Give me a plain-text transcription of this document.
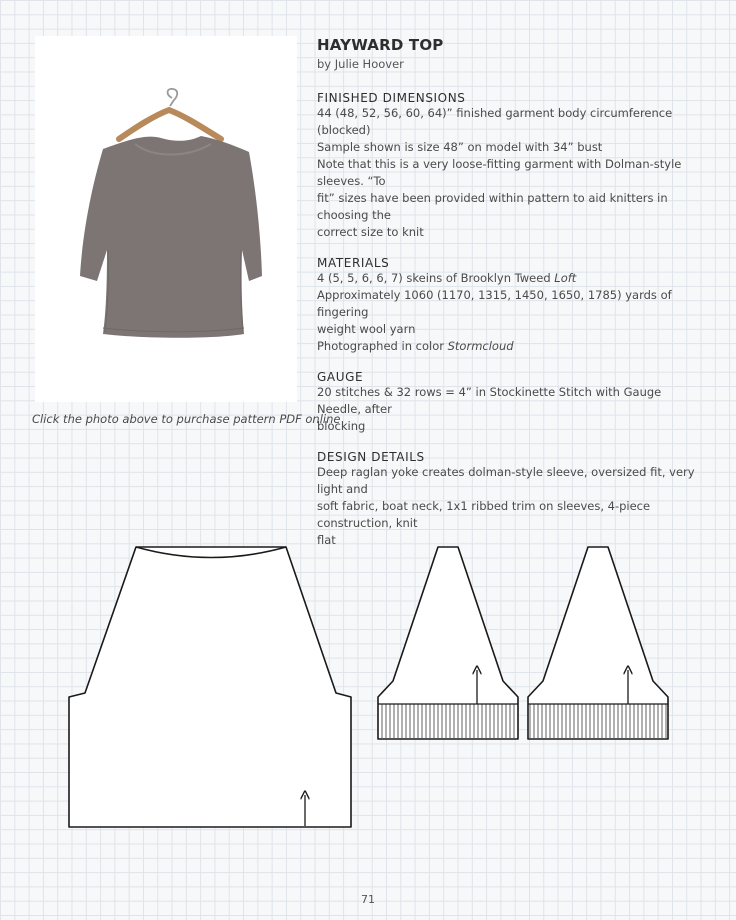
Click the photo above to purchase pattern PDF online
HAYWARD TOP
by Julie Hoover
FINISHED DIMENSIONS
44 (48, 52, 56, 60, 64)” finished garment body circumference (blocked)
Sample shown is size 48” on model with 34” bust
Note that this is a very loose-fitting garment with Dolman-style sleeves. “To
fit” sizes have been provided within pattern to aid knitters in choosing the
correct size to knit
MATERIALS
4 (5, 5, 6, 6, 7) skeins of Brooklyn Tweed Loft
Approximately 1060 (1170, 1315, 1450, 1650, 1785) yards of fingering
weight wool yarn
Photographed in color Stormcloud
GAUGE
20 stitches & 32 rows = 4” in Stockinette Stitch with Gauge Needle, after
blocking
DESIGN DETAILS
Deep raglan yoke creates dolman-style sleeve, oversized fit, very light and
soft fabric, boat neck, 1x1 ribbed trim on sleeves, 4-piece construction, knit
flat
71
